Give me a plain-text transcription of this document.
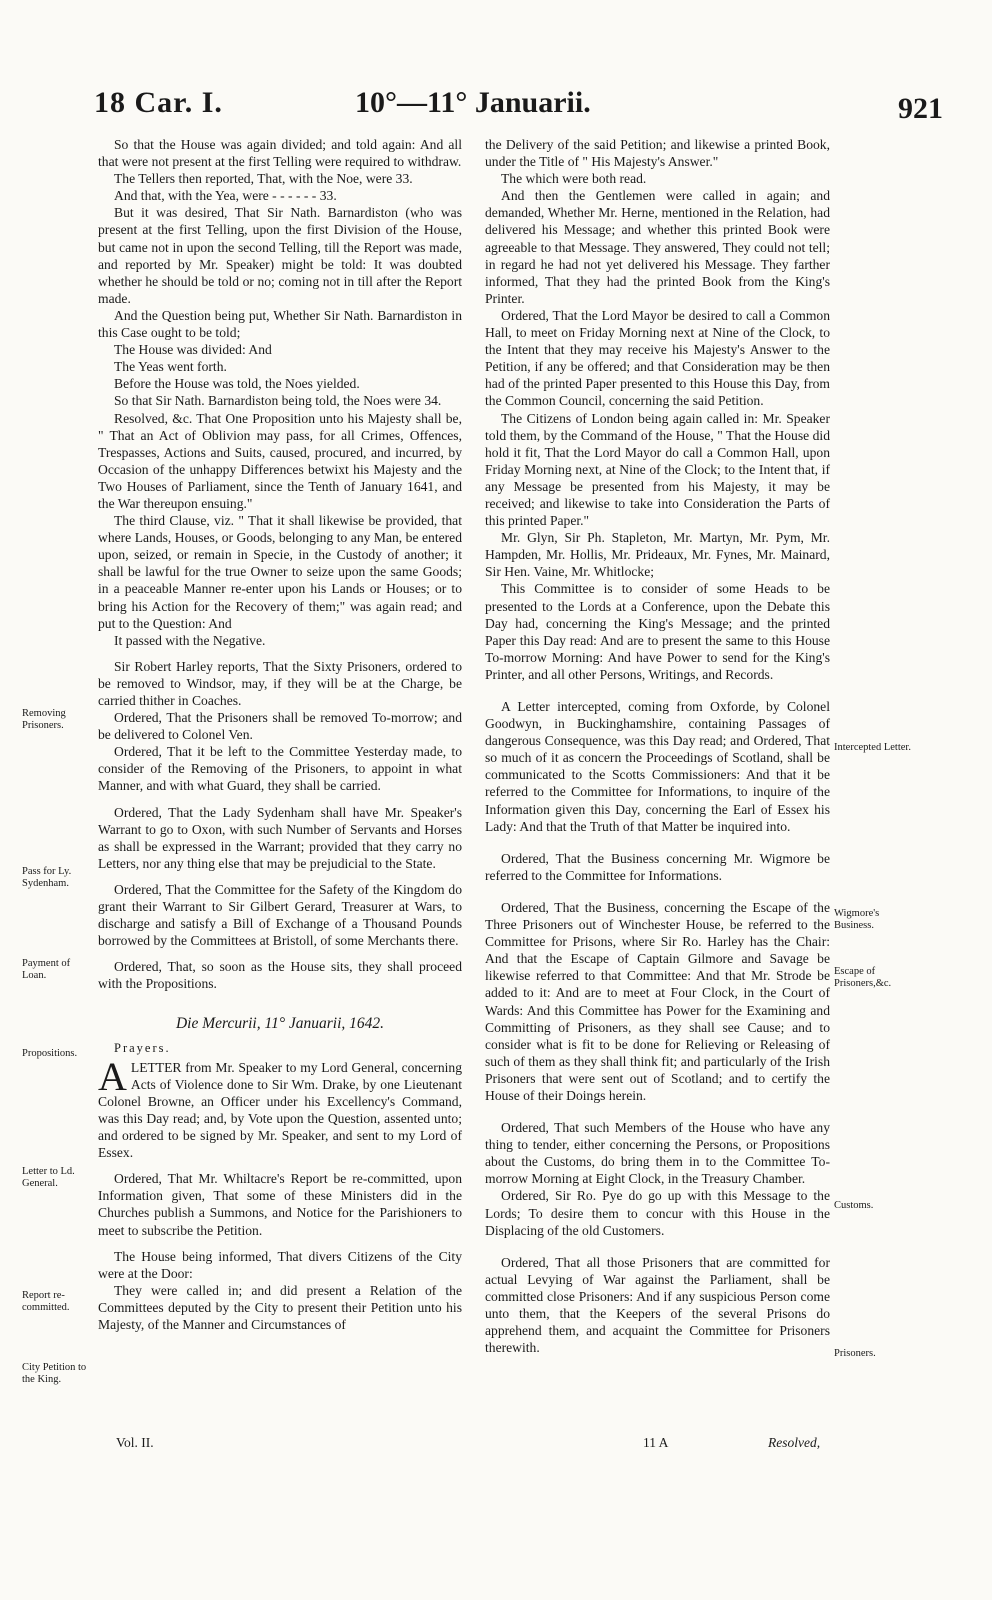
18 Car. I.	10°—11° Januarii.	921

So that the House was again divided; and told again: And all that were not present at the first Telling were required to withdraw.

The Tellers then reported, That, with the Noe, were 33.

And that, with the Yea, were - - - - - - 33.

But it was desired, That Sir Nath. Barnardiston (who was present at the first Telling, upon the first Division of the House, but came not in upon the second Telling, till the Report was made, and reported by Mr. Speaker) might be told: It was doubted whether he should be told or no; coming not in till after the Report made.

And the Question being put, Whether Sir Nath. Barnardiston in this Case ought to be told;

The House was divided: And

The Yeas went forth.

Before the House was told, the Noes yielded.

So that Sir Nath. Barnardiston being told, the Noes were 34.

Resolved, &c. That One Proposition unto his Majesty shall be, " That an Act of Oblivion may pass, for all Crimes, Offences, Trespasses, Actions and Suits, caused, procured, and incurred, by Occasion of the unhappy Differences betwixt his Majesty and the Two Houses of Parliament, since the Tenth of January 1641, and the War thereupon ensuing."

The third Clause, viz. " That it shall likewise be provided, that where Lands, Houses, or Goods, belonging to any Man, be entered upon, seized, or remain in Specie, in the Custody of another; it shall be lawful for the true Owner to seize upon the same Goods; in a peaceable Manner re-enter upon his Lands or Houses; or to bring his Action for the Recovery of them;" was again read; and put to the Question: And

It passed with the Negative.

Sir Robert Harley reports, That the Sixty Prisoners, ordered to be removed to Windsor, may, if they will be at the Charge, be carried thither in Coaches.

Ordered, That the Prisoners shall be removed To-morrow; and be delivered to Colonel Ven.

Ordered, That it be left to the Committee Yesterday made, to consider of the Removing of the Prisoners, to appoint in what Manner, and with what Guard, they shall be carried.

Ordered, That the Lady Sydenham shall have Mr. Speaker's Warrant to go to Oxon, with such Number of Servants and Horses as shall be expressed in the Warrant; provided that they carry no Letters, nor any thing else that may be prejudicial to the State.

Ordered, That the Committee for the Safety of the Kingdom do grant their Warrant to Sir Gilbert Gerard, Treasurer at Wars, to discharge and satisfy a Bill of Exchange of a Thousand Pounds borrowed by the Committees at Bristoll, of some Merchants there.

Ordered, That, so soon as the House sits, they shall proceed with the Propositions.

Die Mercurii, 11° Januarii, 1642.
Prayers.

ALETTER from Mr. Speaker to my Lord General, concerning Acts of Violence done to Sir Wm. Drake, by one Lieutenant Colonel Browne, an Officer under his Excellency's Command, was this Day read; and, by Vote upon the Question, assented unto; and ordered to be signed by Mr. Speaker, and sent to my Lord of Essex.

Ordered, That Mr. Whiltacre's Report be re-committed, upon Information given, That some of these Ministers did in the Churches publish a Summons, and Notice for the Parishioners to meet to subscribe the Petition.

The House being informed, That divers Citizens of the City were at the Door:

They were called in; and did present a Relation of the Committees deputed by the City to present their Petition unto his Majesty, of the Manner and Circumstances of

the Delivery of the said Petition; and likewise a printed Book, under the Title of " His Majesty's Answer."

The which were both read.

And then the Gentlemen were called in again; and demanded, Whether Mr. Herne, mentioned in the Relation, had delivered his Message; and whether this printed Book were agreeable to that Message. They answered, They could not tell; in regard he had not yet delivered his Message. They farther informed, That they had the printed Book from the King's Printer.

Ordered, That the Lord Mayor be desired to call a Common Hall, to meet on Friday Morning next at Nine of the Clock, to the Intent that they may receive his Majesty's Answer to the Petition, if any be offered; and that Consideration may be then had of the printed Paper presented to this House this Day, from the Common Council, concerning the said Petition.

The Citizens of London being again called in: Mr. Speaker told them, by the Command of the House, " That the House did hold it fit, That the Lord Mayor do call a Common Hall, upon Friday Morning next, at Nine of the Clock; to the Intent that, if any Message be presented from his Majesty, it may be received; and likewise to take into Consideration the Parts of this printed Paper."

Mr. Glyn, Sir Ph. Stapleton, Mr. Martyn, Mr. Pym, Mr. Hampden, Mr. Hollis, Mr. Prideaux, Mr. Fynes, Mr. Mainard, Sir Hen. Vaine, Mr. Whitlocke;

This Committee is to consider of some Heads to be presented to the Lords at a Conference, upon the Debate this Day had, concerning the King's Message; and the printed Paper this Day read: And are to present the same to this House To-morrow Morning: And have Power to send for the King's Printer, and all other Persons, Writings, and Records.

A Letter intercepted, coming from Oxforde, by Colonel Goodwyn, in Buckinghamshire, containing Passages of dangerous Consequence, was this Day read; and Ordered, That so much of it as concern the Proceedings of Scotland, shall be communicated to the Scotts Commissioners: And that it be referred to the Committee for Informations, to inquire of the Information given this Day, concerning the Earl of Essex his Lady: And that the Truth of that Matter be inquired into.

Ordered, That the Business concerning Mr. Wigmore be referred to the Committee for Informations.

Ordered, That the Business, concerning the Escape of the Three Prisoners out of Winchester House, be referred to the Committee for Prisons, where Sir Ro. Harley has the Chair: And that the Escape of Captain Gilmore and Savage be likewise referred to that Committee: And that Mr. Strode be added to it: And are to meet at Four Clock, in the Court of Wards: And this Committee has Power for the Examining and Committing of Prisoners, as they shall see Cause; and to consider what is fit to be done for Relieving or Releasing of such of them as they shall think fit; and particularly of the Irish Prisoners that were sent out of Scotland; and to certify the House of their Doings herein.

Ordered, That such Members of the House who have any thing to tender, either concerning the Persons, or Propositions about the Customs, do bring them in to the Committee To-morrow Morning at Eight Clock, in the Treasury Chamber.

Ordered, Sir Ro. Pye do go up with this Message to the Lords; To desire them to concur with this House in the Displacing of the old Customers.

Ordered, That all those Prisoners that are committed for actual Levying of War against the Parliament, shall be committed close Prisoners: And if any suspicious Person come unto them, that the Keepers of the several Prisons do apprehend them, and acquaint the Committee for Prisoners therewith.

Removing Prisoners.
Pass for Ly. Sydenham.
Payment of Loan.
Propositions.
Letter to Ld. General.
Report re-committed.
City Petition to the King.
Intercepted Letter.
Wigmore's Business.
Escape of Prisoners,&c.
Customs.
Prisoners.
Vol. II.	11 A	Resolved,
